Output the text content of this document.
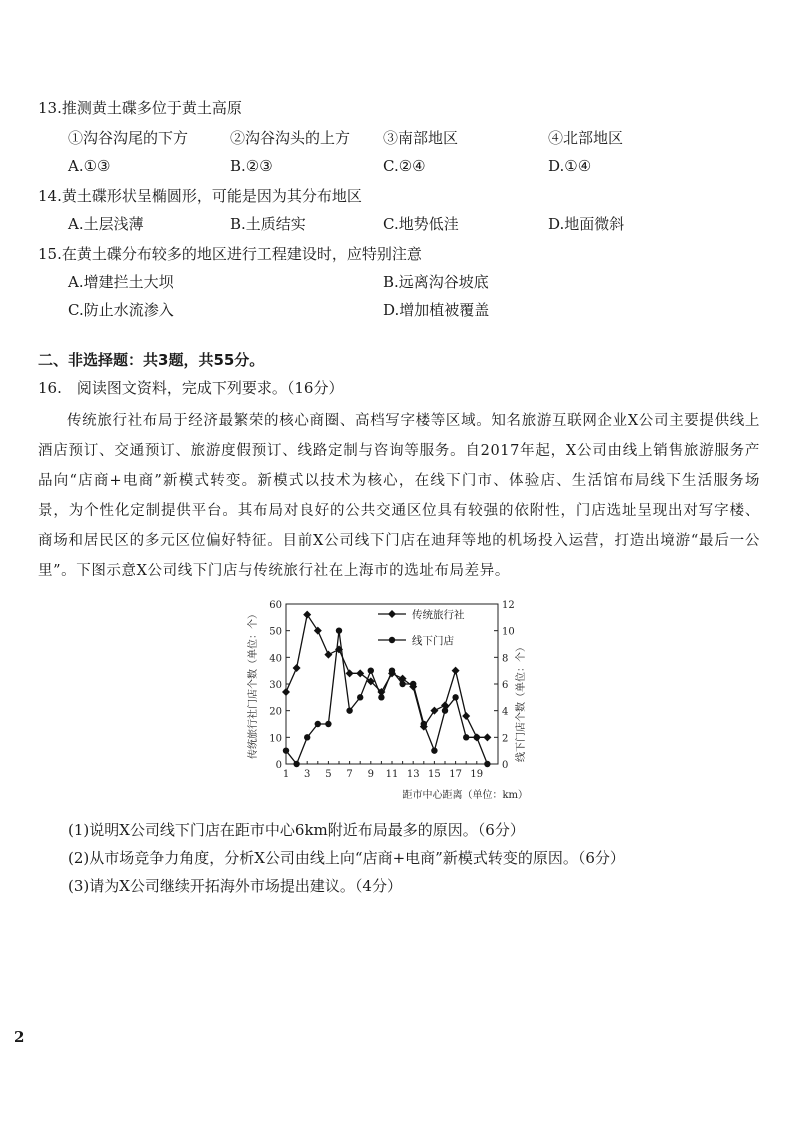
13.推测黄土碟多位于黄土高原
①沟谷沟尾的下方	②沟谷沟头的上方 ③南部地区	④北部地区
A.①③	B.②③	C.②④	D.①④
14.黄土碟形状呈椭圆形，可能是因为其分布地区
A.土层浅薄	B.土质结实	C.地势低洼	D.地面微斜
15.在黄土碟分布较多的地区进行工程建设时，应特别注意
A.增建拦土大坝	B.远离沟谷坡底
C.防止水流渗入	D.增加植被覆盖
二、非选择题：共3题，共55分。
16.　阅读图文资料，完成下列要求。（16分）

传统旅行社布局于经济最繁荣的核心商圈、高档写字楼等区域。知名旅游互联网企业X公司主要提供线上酒店预订、交通预订、旅游度假预订、线路定制与咨询等服务。自2017年起，X公司由线上销售旅游服务产品向“店商+电商”新模式转变。新模式以技术为核心，在线下门市、体验店、生活馆布局线下生活服务场景，为个性化定制提供平台。其布局对良好的公共交通区位具有较强的依附性，门店选址呈现出对写字楼、商场和居民区的多元区位偏好特征。目前X公司线下门店在迪拜等地的机场投入运营，打造出境游“最后一公里”。下图示意X公司线下门店与传统旅行社在上海市的选址布局差异。

传统旅行社门店个数（单位：个）	线下门店个数（单位：个）
距市中心距离（单位：km）
0
10
20
30
40
50
60
0
2
4
6
8
10
12
1 3 5 7 9 11 13 15 17 19
传统旅行社
线下门店
(1)说明X公司线下门店在距市中心6km附近布局最多的原因。（6分）
(2)从市场竞争力角度，分析X公司由线上向“店商+电商”新模式转变的原因。（6分）
(3)请为X公司继续开拓海外市场提出建议。（4分）
2
